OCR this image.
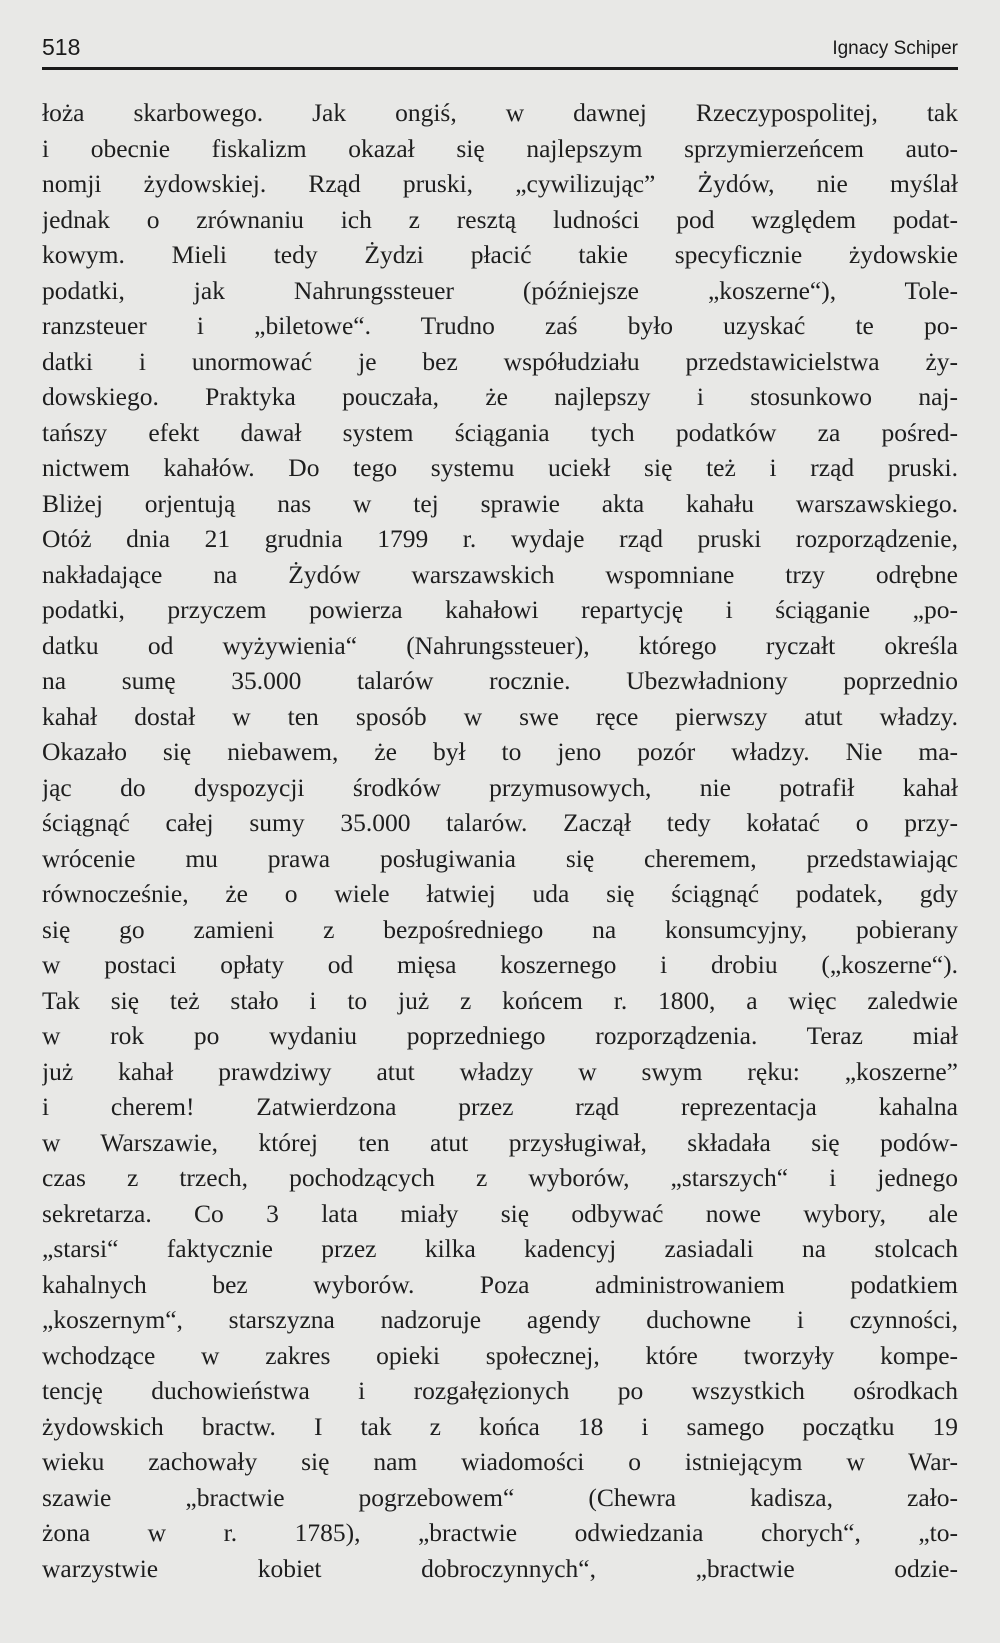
518	Ignacy Schiper
łoża skarbowego. Jak ongiś, w dawnej Rzeczypospolitej, tak
i obecnie fiskalizm okazał się najlepszym sprzymierzeńcem auto-
nomji żydowskiej. Rząd pruski, „cywilizując” Żydów, nie myślał
jednak o zrównaniu ich z resztą ludności pod względem podat-
kowym. Mieli tedy Żydzi płacić takie specyficznie żydowskie
podatki, jak Nahrungssteuer (późniejsze „koszerne“), Tole-
ranzsteuer i „biletowe“. Trudno zaś było uzyskać te po-
datki i unormować je bez współudziału przedstawicielstwa ży-
dowskiego. Praktyka pouczała, że najlepszy i stosunkowo naj-
tańszy efekt dawał system ściągania tych podatków za pośred-
nictwem kahałów. Do tego systemu uciekł się też i rząd pruski.
Bliżej orjentują nas w tej sprawie akta kahału warszawskiego.
Otóż dnia 21 grudnia 1799 r. wydaje rząd pruski rozporządzenie,
nakładające na Żydów warszawskich wspomniane trzy odrębne
podatki, przyczem powierza kahałowi repartycję i ściąganie „po-
datku od wyżywienia“ (Nahrungssteuer), którego ryczałt określa
na sumę 35.000 talarów rocznie. Ubezwładniony poprzednio
kahał dostał w ten sposób w swe ręce pierwszy atut władzy.
Okazało się niebawem, że był to jeno pozór władzy. Nie ma-
jąc do dyspozycji środków przymusowych, nie potrafił kahał
ściągnąć całej sumy 35.000 talarów. Zaczął tedy kołatać o przy-
wrócenie mu prawa posługiwania się cheremem, przedstawiając
równocześnie, że o wiele łatwiej uda się ściągnąć podatek, gdy
się go zamieni z bezpośredniego na konsumcyjny, pobierany
w postaci opłaty od mięsa koszernego i drobiu („koszerne“).
Tak się też stało i to już z końcem r. 1800, a więc zaledwie
w rok po wydaniu poprzedniego rozporządzenia. Teraz miał
już kahał prawdziwy atut władzy w swym ręku: „koszerne”
i cherem! Zatwierdzona przez rząd reprezentacja kahalna
w Warszawie, której ten atut przysługiwał, składała się podów-
czas z trzech, pochodzących z wyborów, „starszych“ i jednego
sekretarza. Co 3 lata miały się odbywać nowe wybory, ale
„starsi“ faktycznie przez kilka kadencyj zasiadali na stolcach
kahalnych bez wyborów. Poza administrowaniem podatkiem
„koszernym“, starszyzna nadzoruje agendy duchowne i czynności,
wchodzące w zakres opieki społecznej, które tworzyły kompe-
tencję duchowieństwa i rozgałęzionych po wszystkich ośrodkach
żydowskich bractw. I tak z końca 18 i samego początku 19
wieku zachowały się nam wiadomości o istniejącym w War-
szawie „bractwie pogrzebowem“ (Chewra kadisza, zało-
żona w r. 1785), „bractwie odwiedzania chorych“, „to-
warzystwie kobiet dobroczynnych“, „bractwie odzie-
